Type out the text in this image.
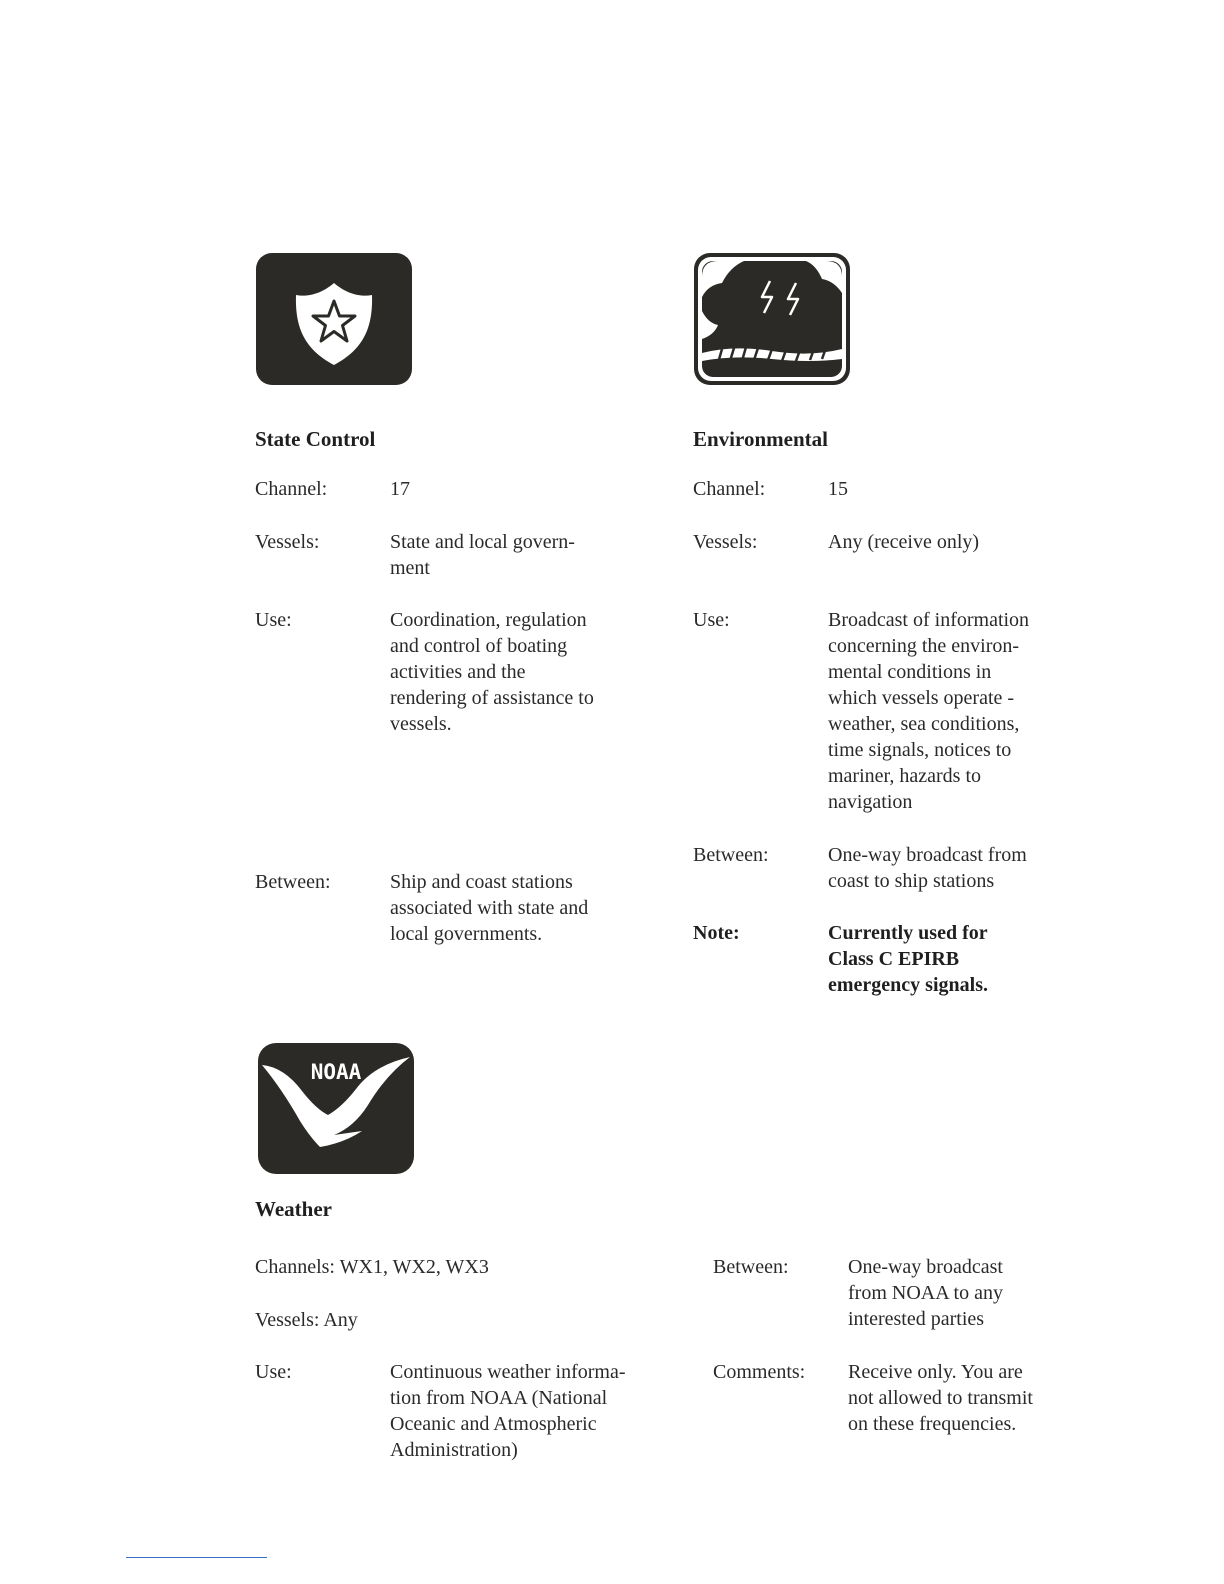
State Control
Channel:	17
Vessels:	State and local govern-
ment
Use:	Coordination, regulation
and control of boating
activities and the
rendering of assistance to
vessels.
Between:	Ship and coast stations
associated with state and
local governments.
Environmental
Channel:	15
Vessels:	Any (receive only)
Use:	Broadcast of information
concerning the environ-
mental conditions in
which vessels operate -
weather, sea conditions,
time signals, notices to
mariner, hazards to
navigation
Between:	One-way broadcast from
coast to ship stations
Note:	Currently used for
Class C EPIRB
emergency signals.
NOAA
Weather
Channels: WX1, WX2, WX3
Vessels: Any
Use:	Continuous weather informa-
tion from NOAA (National
Oceanic and Atmospheric
Administration)
Between:	One-way broadcast
from NOAA to any
interested parties
Comments: Receive only. You are
not allowed to transmit
on these frequencies.
